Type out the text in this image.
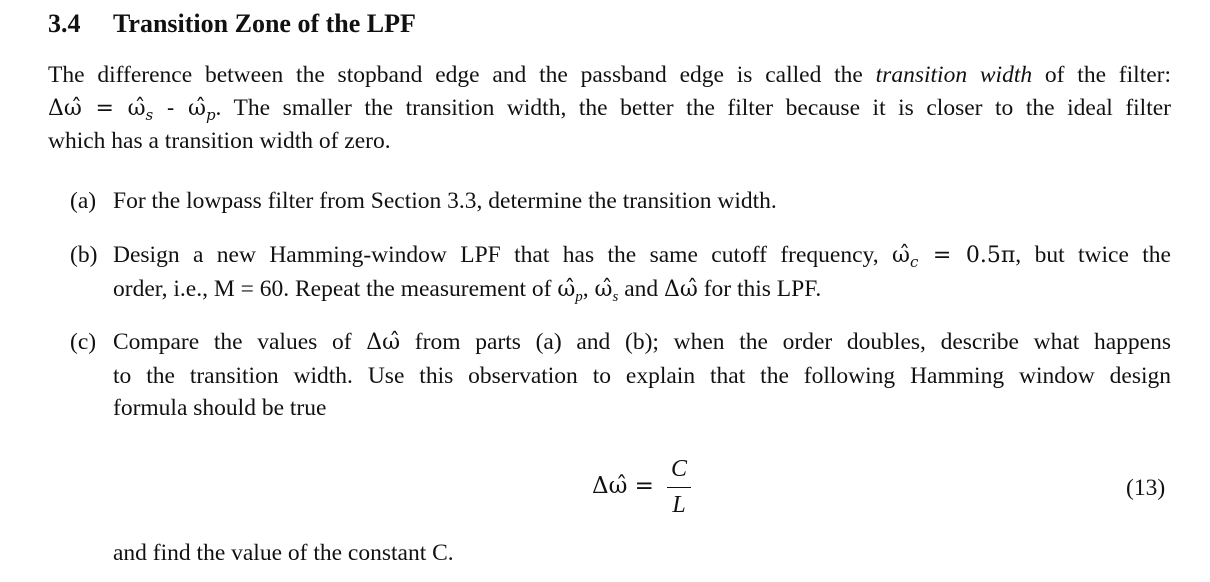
3.4 Transition Zone of the LPF
The difference between the stopband edge and the passband edge is called the transition width of the filter:
Δω̂ = $\omegâ_s$ - $\omegâ_p$. The smaller the transition width, the better the filter because it is closer to the ideal filter
which has a transition width of zero.
(a) For the lowpass filter from Section 3.3, determine the transition width.
(b) Design a new Hamming-window LPF that has the same cutoff frequency, $\omegâ_c = 0.5\pi$, but twice the
order, i.e., M = 60. Repeat the measurement of $\omegâ_p$, $\omegâ_s$ and Δω̂ for this LPF.
(c) Compare the values of Δω̂ from parts (a) and (b); when the order doubles, describe what happens
to the transition width. Use this observation to explain that the following Hamming window design
formula should be true
Δω̂ =
C
L
(13)
and find the value of the constant C.
